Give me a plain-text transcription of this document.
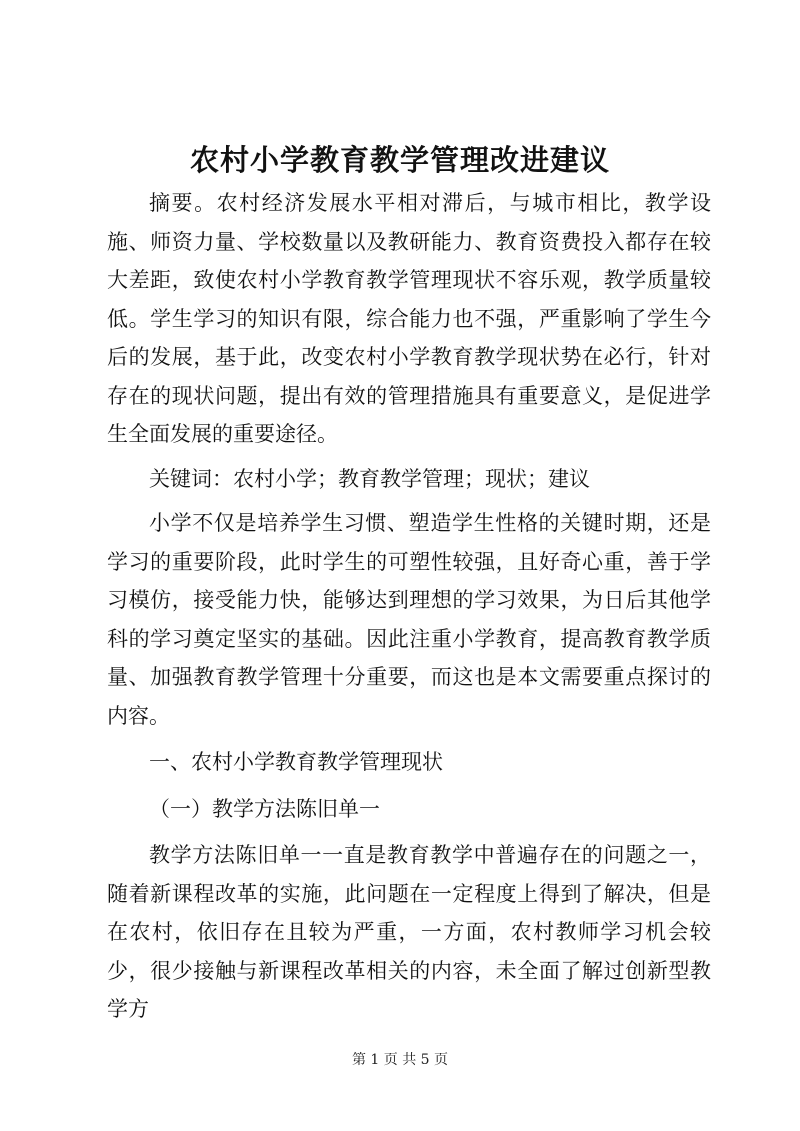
农村小学教育教学管理改进建议

摘要。农村经济发展水平相对滞后，与城市相比，教学设施、师资力量、学校数量以及教研能力、教育资费投入都存在较大差距，致使农村小学教育教学管理现状不容乐观，教学质量较低。学生学习的知识有限，综合能力也不强，严重影响了学生今后的发展，基于此，改变农村小学教育教学现状势在必行，针对存在的现状问题，提出有效的管理措施具有重要意义，是促进学生全面发展的重要途径。

关键词：农村小学；教育教学管理；现状；建议

小学不仅是培养学生习惯、塑造学生性格的关键时期，还是学习的重要阶段，此时学生的可塑性较强，且好奇心重，善于学习模仿，接受能力快，能够达到理想的学习效果，为日后其他学科的学习奠定坚实的基础。因此注重小学教育，提高教育教学质量、加强教育教学管理十分重要，而这也是本文需要重点探讨的内容。

一、农村小学教育教学管理现状

（一）教学方法陈旧单一

教学方法陈旧单一一直是教育教学中普遍存在的问题之一，随着新课程改革的实施，此问题在一定程度上得到了解决，但是在农村，依旧存在且较为严重，一方面，农村教师学习机会较少，很少接触与新课程改革相关的内容，未全面了解过创新型教学方

第 1 页 共 5 页
